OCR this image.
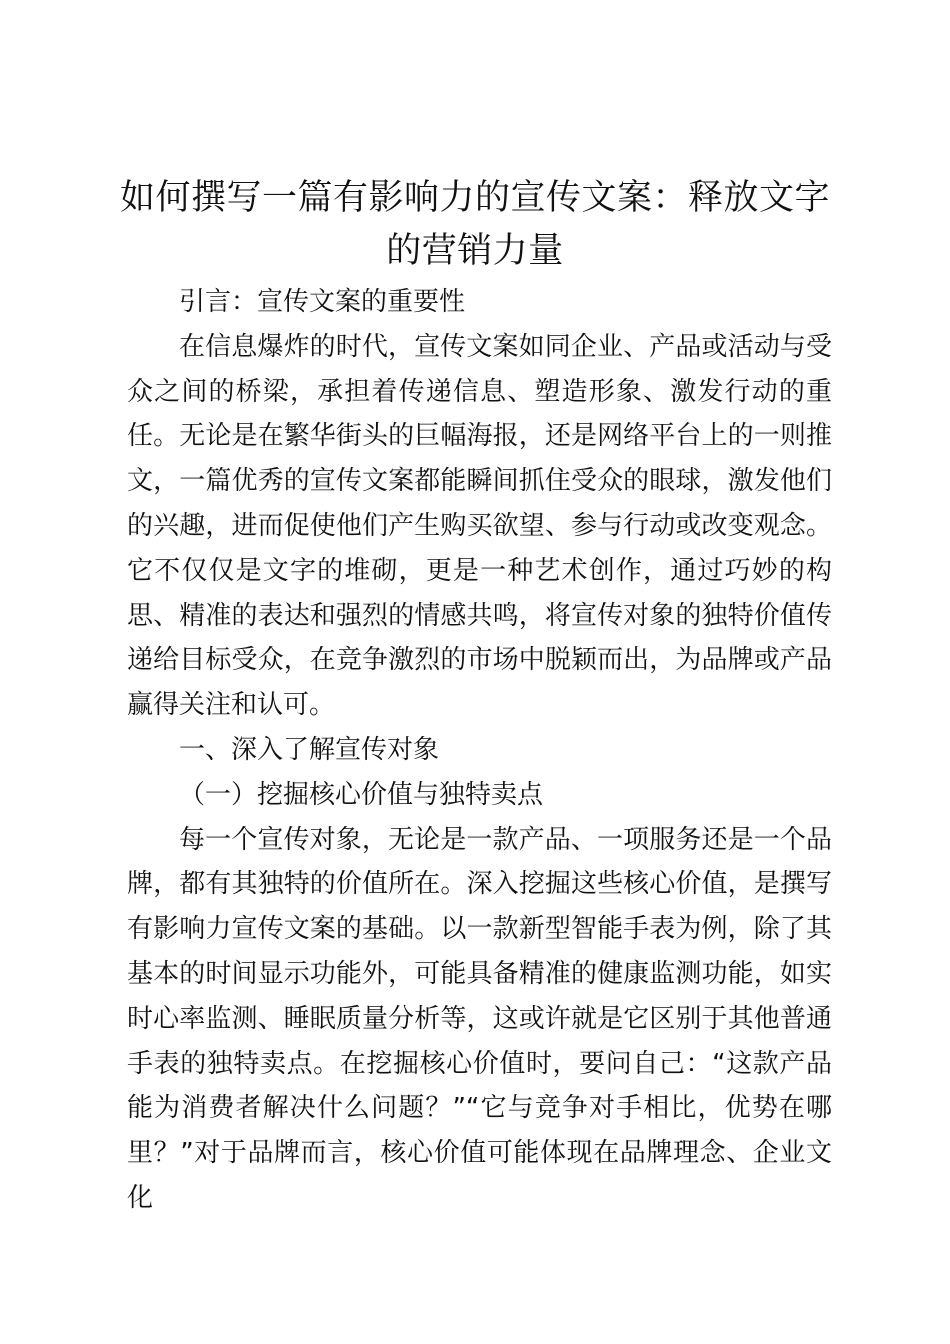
如何撰写一篇有影响力的宣传文案：释放文字的营销力量

引言：宣传文案的重要性

在信息爆炸的时代，宣传文案如同企业、产品或活动与受众之间的桥梁，承担着传递信息、塑造形象、激发行动的重任。无论是在繁华街头的巨幅海报，还是网络平台上的一则推文，一篇优秀的宣传文案都能瞬间抓住受众的眼球，激发他们的兴趣，进而促使他们产生购买欲望、参与行动或改变观念。它不仅仅是文字的堆砌，更是一种艺术创作，通过巧妙的构思、精准的表达和强烈的情感共鸣，将宣传对象的独特价值传递给目标受众，在竞争激烈的市场中脱颖而出，为品牌或产品赢得关注和认可。

一、深入了解宣传对象

（一）挖掘核心价值与独特卖点

每一个宣传对象，无论是一款产品、一项服务还是一个品牌，都有其独特的价值所在。深入挖掘这些核心价值，是撰写有影响力宣传文案的基础。以一款新型智能手表为例，除了其基本的时间显示功能外，可能具备精准的健康监测功能，如实时心率监测、睡眠质量分析等，这或许就是它区别于其他普通手表的独特卖点。在挖掘核心价值时，要问自己：“这款产品能为消费者解决什么问题？”“它与竞争对手相比，优势在哪里？”对于品牌而言，核心价值可能体现在品牌理念、企业文化
